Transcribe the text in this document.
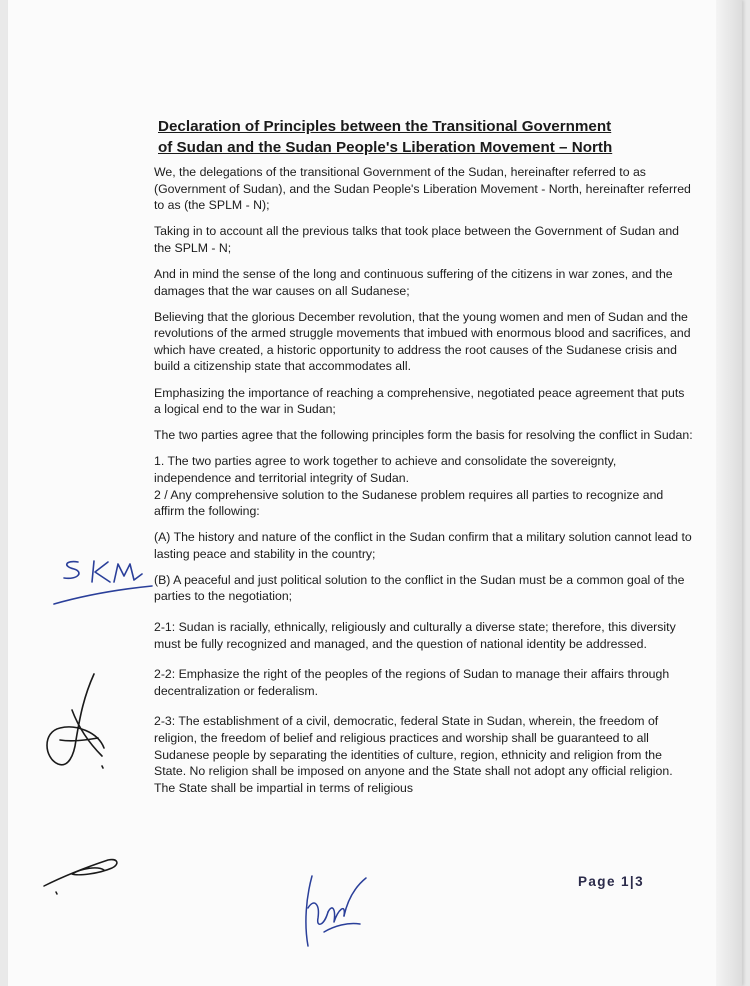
Declaration of Principles between the Transitional Government
of Sudan and the Sudan People's Liberation Movement – North

We, the delegations of the transitional Government of the Sudan, hereinafter referred to as (Government of Sudan), and the Sudan People's Liberation Movement - North, hereinafter referred to as (the SPLM - N);

Taking in to account all the previous talks that took place between the Government of Sudan and the SPLM - N;

And in mind the sense of the long and continuous suffering of the citizens in war zones, and the damages that the war causes on all Sudanese;

Believing that the glorious December revolution, that the young women and men of Sudan and the revolutions of the armed struggle movements that imbued with enormous blood and sacrifices, and which have created, a historic opportunity to address the root causes of the Sudanese crisis and build a citizenship state that accommodates all.

Emphasizing the importance of reaching a comprehensive, negotiated peace agreement that puts a logical end to the war in Sudan;

The two parties agree that the following principles form the basis for resolving the conflict in Sudan:

1. The two parties agree to work together to achieve and consolidate the sovereignty, independence and territorial integrity of Sudan.

2 / Any comprehensive solution to the Sudanese problem requires all parties to recognize and affirm the following:

(A) The history and nature of the conflict in the Sudan confirm that a military solution cannot lead to lasting peace and stability in the country;

(B) A peaceful and just political solution to the conflict in the Sudan must be a common goal of the parties to the negotiation;

2-1: Sudan is racially, ethnically, religiously and culturally a diverse state; therefore, this diversity must be fully recognized and managed, and the question of national identity be addressed.

2-2: Emphasize the right of the peoples of the regions of Sudan to manage their affairs through decentralization or federalism.

2-3: The establishment of a civil, democratic, federal State in Sudan, wherein, the freedom of religion, the freedom of belief and religious practices and worship shall be guaranteed to all Sudanese people by separating the identities of culture, region, ethnicity and religion from the State. No religion shall be imposed on anyone and the State shall not adopt any official religion. The State shall be impartial in terms of religious

Page 1|3
